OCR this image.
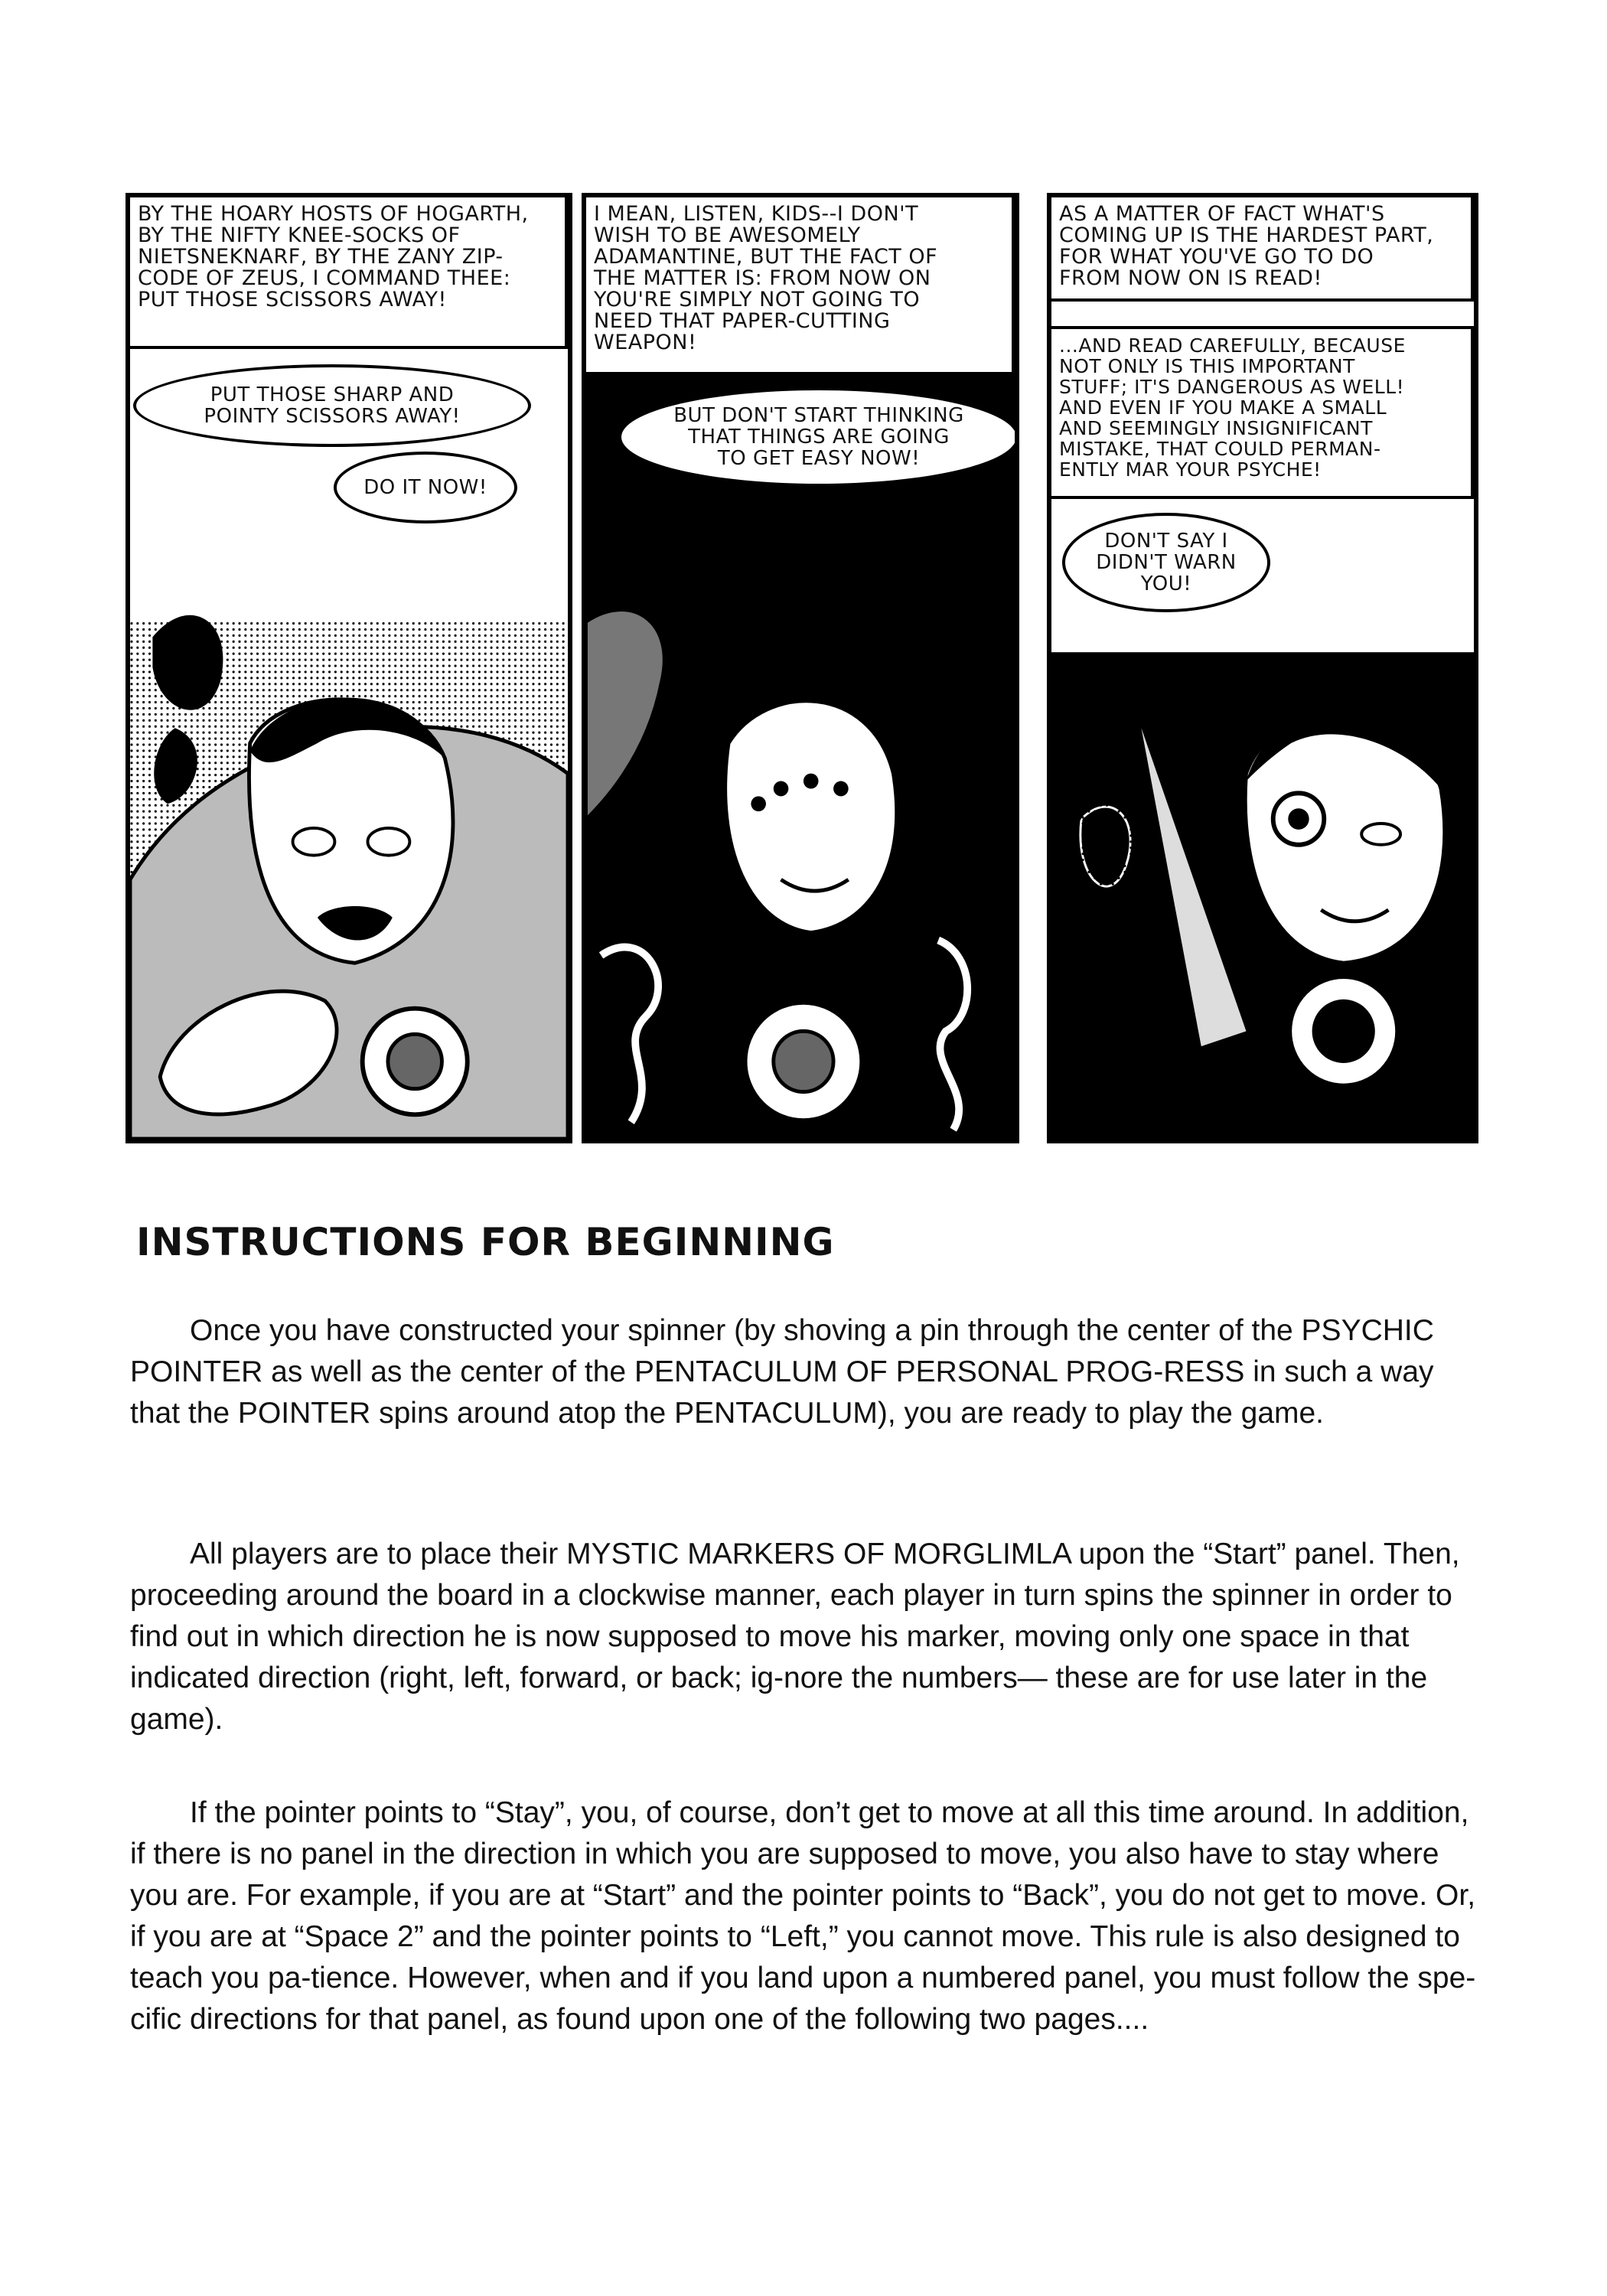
BY THE HOARY HOSTS OF HOGARTH,
BY THE NIFTY KNEE-SOCKS OF
NIETSNEKNARF, BY THE ZANY ZIP-
CODE OF ZEUS, I COMMAND THEE:
PUT THOSE SCISSORS AWAY!
PUT THOSE SHARP AND
POINTY SCISSORS AWAY!
DO IT NOW!
I MEAN, LISTEN, KIDS--I DON'T
WISH TO BE AWESOMELY
ADAMANTINE, BUT THE FACT OF
THE MATTER IS: FROM NOW ON
YOU'RE SIMPLY NOT GOING TO
NEED THAT PAPER-CUTTING
WEAPON!
BUT DON'T START THINKING
THAT THINGS ARE GOING
TO GET EASY NOW!
AS A MATTER OF FACT WHAT'S
COMING UP IS THE HARDEST PART,
FOR WHAT YOU'VE GO TO DO
FROM NOW ON IS READ!
...AND READ CAREFULLY, BECAUSE
NOT ONLY IS THIS IMPORTANT
STUFF; IT'S DANGEROUS AS WELL!
AND EVEN IF YOU MAKE A SMALL
AND SEEMINGLY INSIGNIFICANT
MISTAKE, THAT COULD PERMAN-
ENTLY MAR YOUR PSYCHE!
DON'T SAY I
DIDN'T WARN
YOU!
INSTRUCTIONS FOR BEGINNING

Once you have constructed your spinner (by shoving a pin through the center of the PSYCHIC POINTER as well as the center of the PENTACULUM OF PERSONAL PROG-RESS in such a way that the POINTER spins around atop the PENTACULUM), you are ready to play the game.

All players are to place their MYSTIC MARKERS OF MORGLIMLA upon the “Start” panel. Then, proceeding around the board in a clockwise manner, each player in turn spins the spinner in order to find out in which direction he is now supposed to move his marker, moving only one space in that indicated direction (right, left, forward, or back; ig-nore the numbers— these are for use later in the game).

If the pointer points to “Stay”, you, of course, don’t get to move at all this time around. In addition, if there is no panel in the direction in which you are supposed to move, you also have to stay where you are. For example, if you are at “Start” and the pointer points to “Back”, you do not get to move. Or, if you are at “Space 2” and the pointer points to “Left,” you cannot move. This rule is also designed to teach you pa-tience. However, when and if you land upon a numbered panel, you must follow the spe-cific directions for that panel, as found upon one of the following two pages....
